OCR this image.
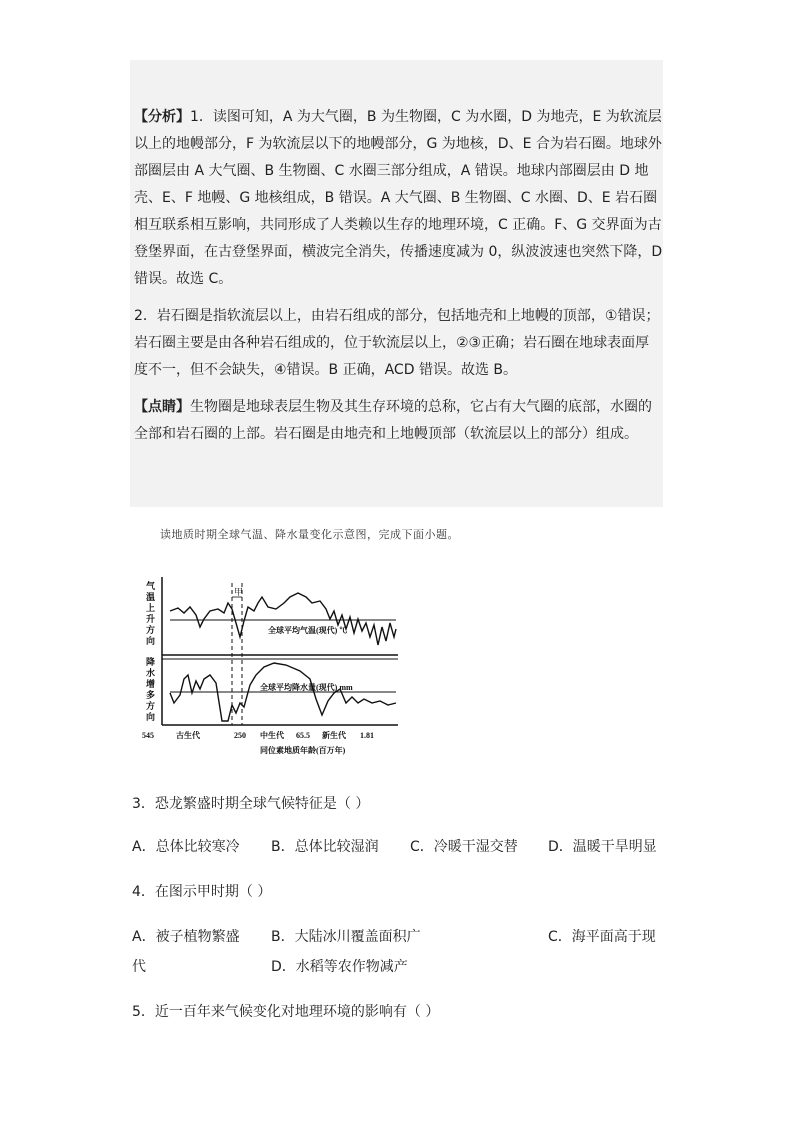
【分析】1．读图可知，A 为大气圈，B 为生物圈，C 为水圈，D 为地壳，E 为软流层以上的地幔部分，F 为软流层以下的地幔部分，G 为地核，D、E 合为岩石圈。地球外部圈层由 A 大气圈、B 生物圈、C 水圈三部分组成，A 错误。地球内部圈层由 D 地壳、E、F 地幔、G 地核组成，B 错误。A 大气圈、B 生物圈、C 水圈、D、E 岩石圈相互联系相互影响，共同形成了人类赖以生存的地理环境，C 正确。F、G 交界面为古登堡界面，在古登堡界面，横波完全消失，传播速度减为 0，纵波波速也突然下降，D 错误。故选 C。

2．岩石圈是指软流层以上，由岩石组成的部分，包括地壳和上地幔的顶部，①错误；岩石圈主要是由各种岩石组成的，位于软流层以上，②③正确；岩石圈在地球表面厚度不一，但不会缺失，④错误。B 正确，ACD 错误。故选 B。

【点睛】生物圈是地球表层生物及其生存环境的总称，它占有大气圈的底部，水圈的全部和岩石圈的上部。岩石圈是由地壳和上地幔顶部（软流层以上的部分）组成。

读地质时期全球气温、降水量变化示意图，完成下面小题。
气温上升方向
降水增多方向
甲
全球平均气温(现代) ℃
全球平均降水量(现代) mm
545	古生代	250 中生代 65.5 新生代 1.81
同位素地质年龄(百万年)
3．恐龙繁盛时期全球气候特征是（ ）
A．总体比较寒冷 B．总体比较湿润 C．冷暖干湿交替 D．温暖干旱明显
4．在图示甲时期（ ）
A．被子植物繁盛 B．大陆冰川覆盖面积广	C．海平面高于现
代	D．水稻等农作物减产
5．近一百年来气候变化对地理环境的影响有（ ）
